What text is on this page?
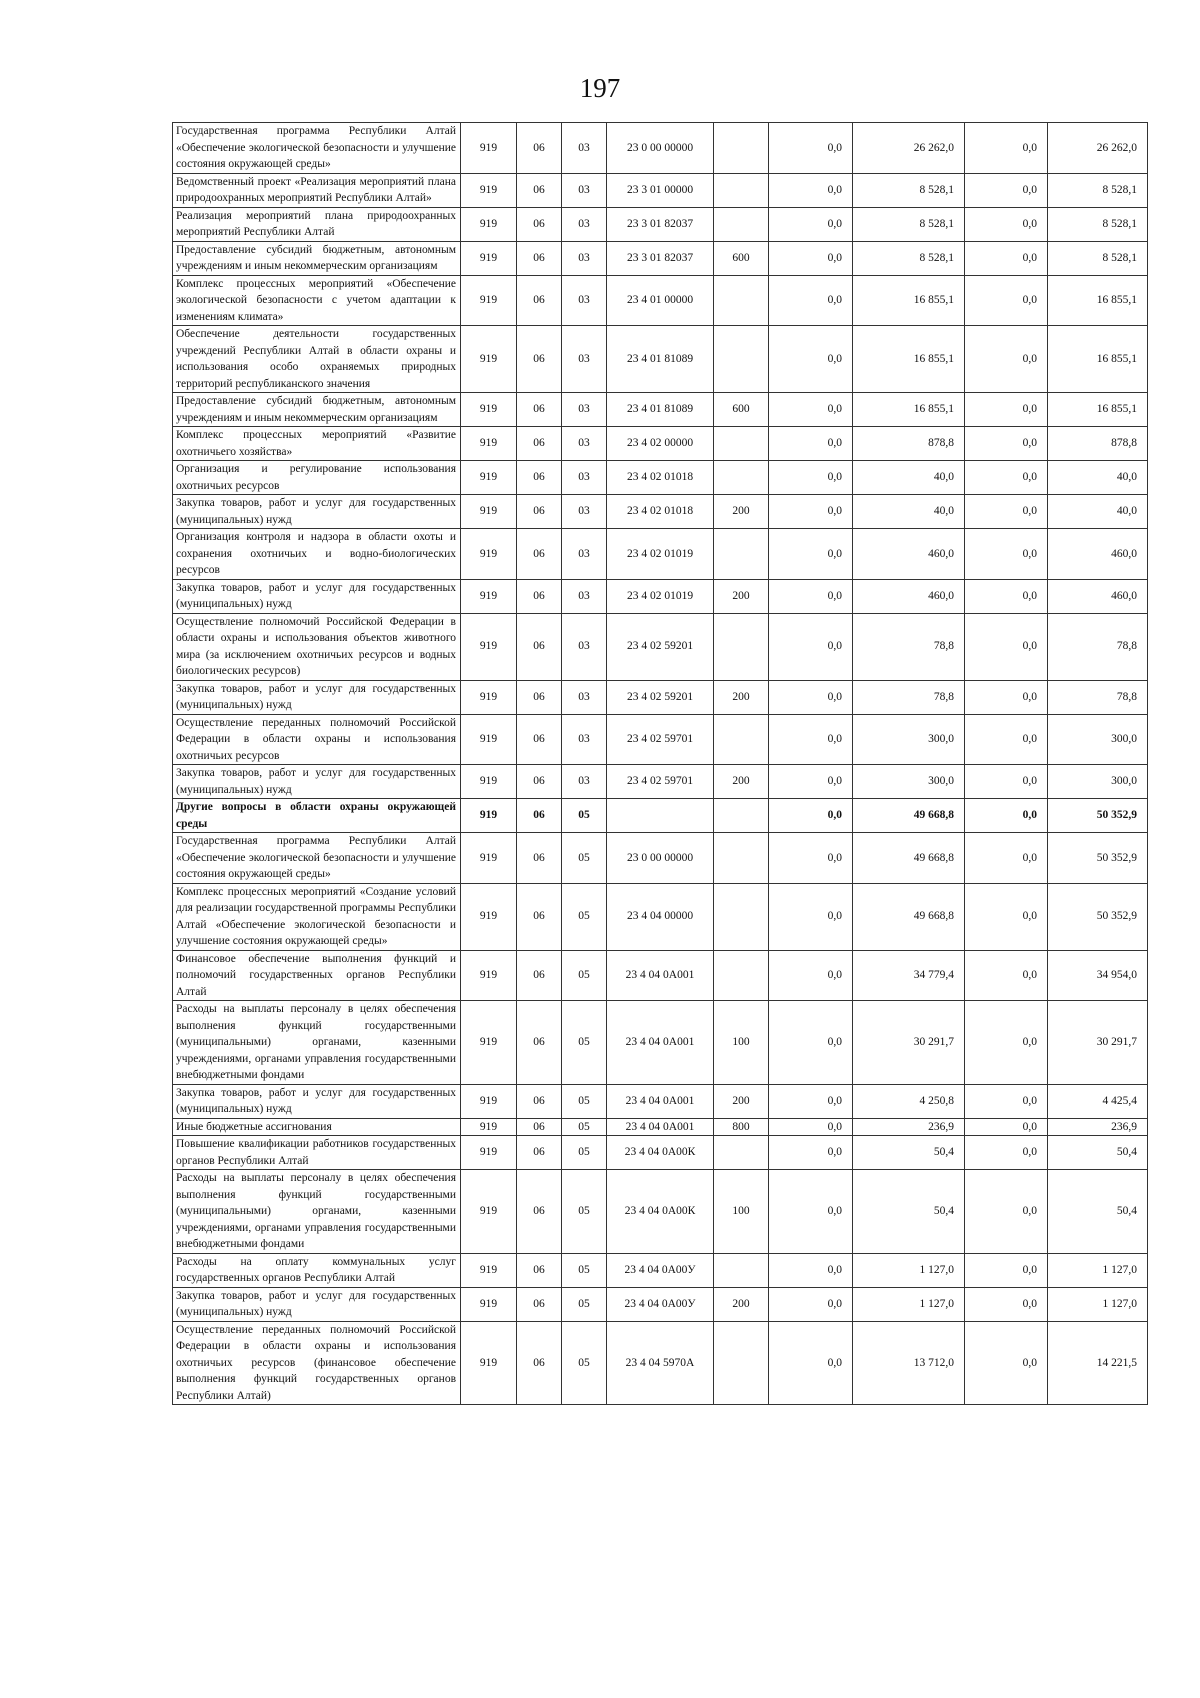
197
Государственная программа Республики Алтай «Обеспечение экологической безопасности и улучшение состояния окружающей среды»	919	06	03	23 0 00 00000		0,0	26 262,0	0,0	26 262,0
Ведомственный проект «Реализация мероприятий плана природоохранных мероприятий Республики Алтай»	919	06	03	23 3 01 00000		0,0	8 528,1	0,0	8 528,1
Реализация мероприятий плана природоохранных мероприятий Республики Алтай	919	06	03	23 3 01 82037		0,0	8 528,1	0,0	8 528,1
Предоставление субсидий бюджетным, автономным учреждениям и иным некоммерческим организациям	919	06	03	23 3 01 82037	600	0,0	8 528,1	0,0	8 528,1
Комплекс процессных мероприятий «Обеспечение экологической безопасности с учетом адаптации к изменениям климата»	919	06	03	23 4 01 00000		0,0	16 855,1	0,0	16 855,1
Обеспечение деятельности государственных учреждений Республики Алтай в области охраны и использования особо охраняемых природных территорий республиканского значения	919	06	03	23 4 01 81089		0,0	16 855,1	0,0	16 855,1
Предоставление субсидий бюджетным, автономным учреждениям и иным некоммерческим организациям	919	06	03	23 4 01 81089	600	0,0	16 855,1	0,0	16 855,1
Комплекс процессных мероприятий «Развитие охотничьего хозяйства»	919	06	03	23 4 02 00000		0,0	878,8	0,0	878,8
Организация и регулирование использования охотничьих ресурсов	919	06	03	23 4 02 01018		0,0	40,0	0,0	40,0
Закупка товаров, работ и услуг для государственных (муниципальных) нужд	919	06	03	23 4 02 01018	200	0,0	40,0	0,0	40,0
Организация контроля и надзора в области охоты и сохранения охотничьих и водно-биологических ресурсов	919	06	03	23 4 02 01019		0,0	460,0	0,0	460,0
Закупка товаров, работ и услуг для государственных (муниципальных) нужд	919	06	03	23 4 02 01019	200	0,0	460,0	0,0	460,0
Осуществление полномочий Российской Федерации в области охраны и использования объектов животного мира (за исключением охотничьих ресурсов и водных биологических ресурсов)	919	06	03	23 4 02 59201		0,0	78,8	0,0	78,8
Закупка товаров, работ и услуг для государственных (муниципальных) нужд	919	06	03	23 4 02 59201	200	0,0	78,8	0,0	78,8
Осуществление переданных полномочий Российской Федерации в области охраны и использования охотничьих ресурсов	919	06	03	23 4 02 59701		0,0	300,0	0,0	300,0
Закупка товаров, работ и услуг для государственных (муниципальных) нужд	919	06	03	23 4 02 59701	200	0,0	300,0	0,0	300,0
Другие вопросы в области охраны окружающей среды	919	06	05			0,0	49 668,8	0,0	50 352,9
Государственная программа Республики Алтай «Обеспечение экологической безопасности и улучшение состояния окружающей среды»	919	06	05	23 0 00 00000		0,0	49 668,8	0,0	50 352,9
Комплекс процессных мероприятий «Создание условий для реализации государственной программы Республики Алтай «Обеспечение экологической безопасности и улучшение состояния окружающей среды»	919	06	05	23 4 04 00000		0,0	49 668,8	0,0	50 352,9
Финансовое обеспечение выполнения функций и полномочий государственных органов Республики Алтай	919	06	05	23 4 04 0А001		0,0	34 779,4	0,0	34 954,0
Расходы на выплаты персоналу в целях обеспечения выполнения функций государственными (муниципальными) органами, казенными учреждениями, органами управления государственными внебюджетными фондами	919	06	05	23 4 04 0А001	100	0,0	30 291,7	0,0	30 291,7
Закупка товаров, работ и услуг для государственных (муниципальных) нужд	919	06	05	23 4 04 0А001	200	0,0	4 250,8	0,0	4 425,4
Иные бюджетные ассигнования	919	06	05	23 4 04 0А001	800	0,0	236,9	0,0	236,9
Повышение квалификации работников государственных органов Республики Алтай	919	06	05	23 4 04 0А00К		0,0	50,4	0,0	50,4
Расходы на выплаты персоналу в целях обеспечения выполнения функций государственными (муниципальными) органами, казенными учреждениями, органами управления государственными внебюджетными фондами	919	06	05	23 4 04 0А00К	100	0,0	50,4	0,0	50,4
Расходы на оплату коммунальных услуг государственных органов Республики Алтай	919	06	05	23 4 04 0А00У		0,0	1 127,0	0,0	1 127,0
Закупка товаров, работ и услуг для государственных (муниципальных) нужд	919	06	05	23 4 04 0А00У	200	0,0	1 127,0	0,0	1 127,0
Осуществление переданных полномочий Российской Федерации в области охраны и использования охотничьих ресурсов (финансовое обеспечение выполнения функций государственных органов Республики Алтай)	919	06	05	23 4 04 5970А		0,0	13 712,0	0,0	14 221,5
